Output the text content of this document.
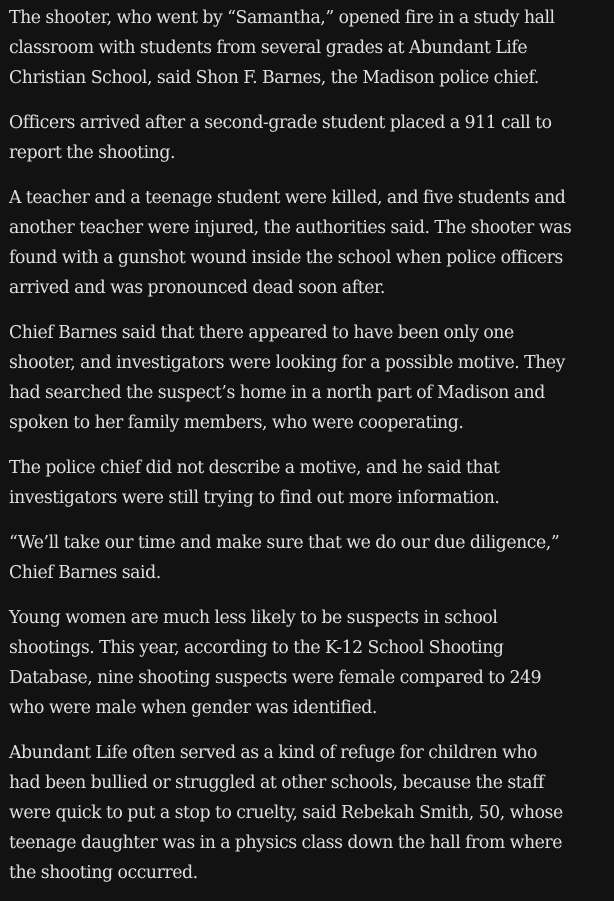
The shooter, who went by “Samantha,” opened fire in a study hall
classroom with students from several grades at Abundant Life
Christian School, said Shon F. Barnes, the Madison police chief.

Officers arrived after a second-grade student placed a 911 call to
report the shooting.

A teacher and a teenage student were killed, and five students and
another teacher were injured, the authorities said. The shooter was
found with a gunshot wound inside the school when police officers
arrived and was pronounced dead soon after.

Chief Barnes said that there appeared to have been only one
shooter, and investigators were looking for a possible motive. They
had searched the suspect’s home in a north part of Madison and
spoken to her family members, who were cooperating.

The police chief did not describe a motive, and he said that
investigators were still trying to find out more information.

“We’ll take our time and make sure that we do our due diligence,”
Chief Barnes said.

Young women are much less likely to be suspects in school
shootings. This year, according to the K-12 School Shooting
Database, nine shooting suspects were female compared to 249
who were male when gender was identified.

Abundant Life often served as a kind of refuge for children who
had been bullied or struggled at other schools, because the staff
were quick to put a stop to cruelty, said Rebekah Smith, 50, whose
teenage daughter was in a physics class down the hall from where
the shooting occurred.
